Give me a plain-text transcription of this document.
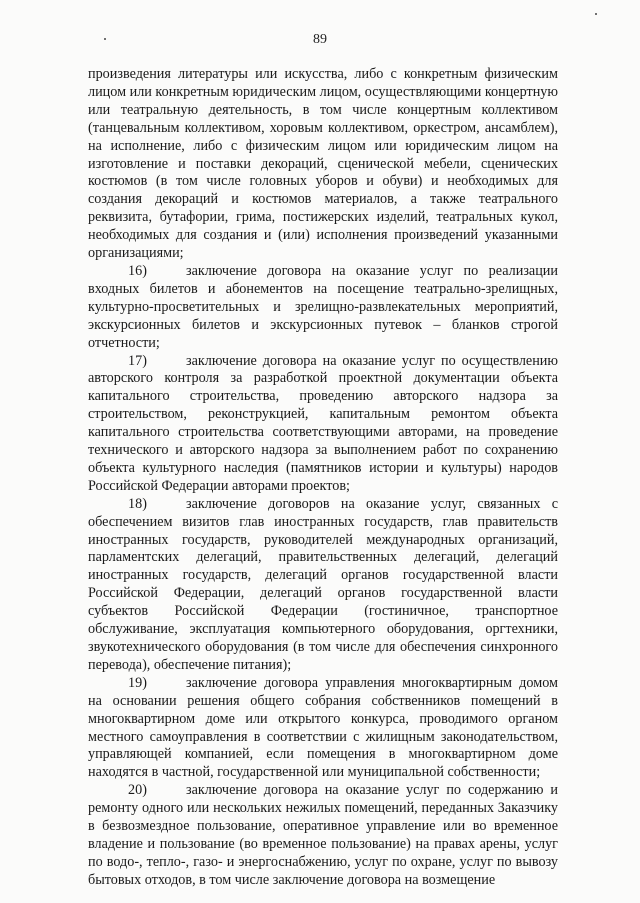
89

произведения литературы или искусства, либо с конкретным физическим лицом или конкретным юридическим лицом, осуществляющими концертную или театральную деятельность, в том числе концертным коллективом (танцевальным коллективом, хоровым коллективом, оркестром, ансамблем), на исполнение, либо с физическим лицом или юридическим лицом на изготовление и поставки декораций, сценической мебели, сценических костюмов (в том числе головных уборов и обуви) и необходимых для создания декораций и костюмов материалов, а также театрального реквизита, бутафории, грима, постижерских изделий, театральных кукол, необходимых для создания и (или) исполнения произведений указанными организациями;

16)	заключение договора на оказание услуг по реализации входных билетов и абонементов на посещение театрально-зрелищных, культурно-просветительных и зрелищно-развлекательных мероприятий, экскурсионных билетов и экскурсионных путевок – бланков строгой отчетности;

17)	заключение договора на оказание услуг по осуществлению авторского контроля за разработкой проектной документации объекта капитального строительства, проведению авторского надзора за строительством, реконструкцией, капитальным ремонтом объекта капитального строительства соответствующими авторами, на проведение технического и авторского надзора за выполнением работ по сохранению объекта культурного наследия (памятников истории и культуры) народов Российской Федерации авторами проектов;

18)	заключение договоров на оказание услуг, связанных с обеспечением визитов глав иностранных государств, глав правительств иностранных государств, руководителей международных организаций, парламентских делегаций, правительственных делегаций, делегаций иностранных государств, делегаций органов государственной власти Российской Федерации, делегаций органов государственной власти субъектов Российской Федерации (гостиничное, транспортное обслуживание, эксплуатация компьютерного оборудования, оргтехники, звукотехнического оборудования (в том числе для обеспечения синхронного перевода), обеспечение питания);

19)	заключение договора управления многоквартирным домом на основании решения общего собрания собственников помещений в многоквартирном доме или открытого конкурса, проводимого органом местного самоуправления в соответствии с жилищным законодательством, управляющей компанией, если помещения в многоквартирном доме находятся в частной, государственной или муниципальной собственности;

20)	заключение договора на оказание услуг по содержанию и ремонту одного или нескольких нежилых помещений, переданных Заказчику в безвозмездное пользование, оперативное управление или во временное владение и пользование (во временное пользование) на правах арены, услуг по водо-, тепло-, газо- и энергоснабжению, услуг по охране, услуг по вывозу бытовых отходов, в том числе заключение договора на возмещение
